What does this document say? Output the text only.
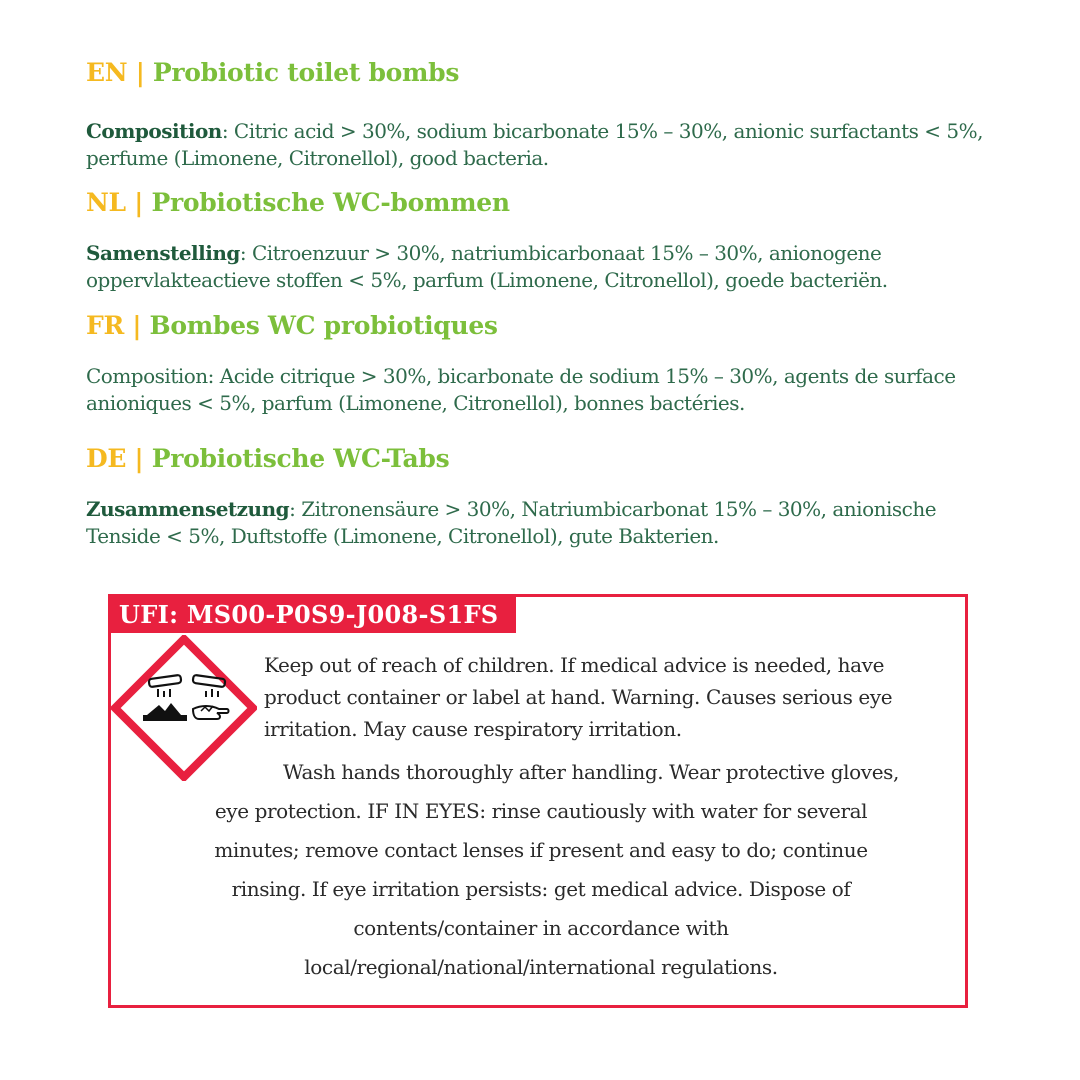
EN | Probiotic toilet bombs

Composition: Citric acid > 30%, sodium bicarbonate 15% – 30%, anionic surfactants < 5%, perfume (Limonene, Citronellol), good bacteria.

NL | Probiotische WC-bommen

Samenstelling: Citroenzuur > 30%, natriumbicarbonaat 15% – 30%, anionogene oppervlakteactieve stoffen < 5%, parfum (Limonene, Citronellol), goede bacteriën.

FR | Bombes WC probiotiques

Composition: Acide citrique > 30%, bicarbonate de sodium 15% – 30%, agents de surface anioniques < 5%, parfum (Limonene, Citronellol), bonnes bactéries.

DE | Probiotische WC-Tabs

Zusammensetzung: Zitronensäure > 30%, Natriumbicarbonat 15% – 30%, anionische Tenside < 5%, Duftstoffe (Limonene, Citronellol), gute Bakterien.

UFI: MS00-P0S9-J008-S1FS

Keep out of reach of children. If medical advice is needed, have product container or label at hand. Warning. Causes serious eye irritation. May cause respiratory irritation.

Wash hands thoroughly after handling. Wear protective gloves,
eye protection. IF IN EYES: rinse cautiously with water for several
minutes; remove contact lenses if present and easy to do; continue
rinsing. If eye irritation persists: get medical advice. Dispose of
contents/container in accordance with
local/regional/national/international regulations.
